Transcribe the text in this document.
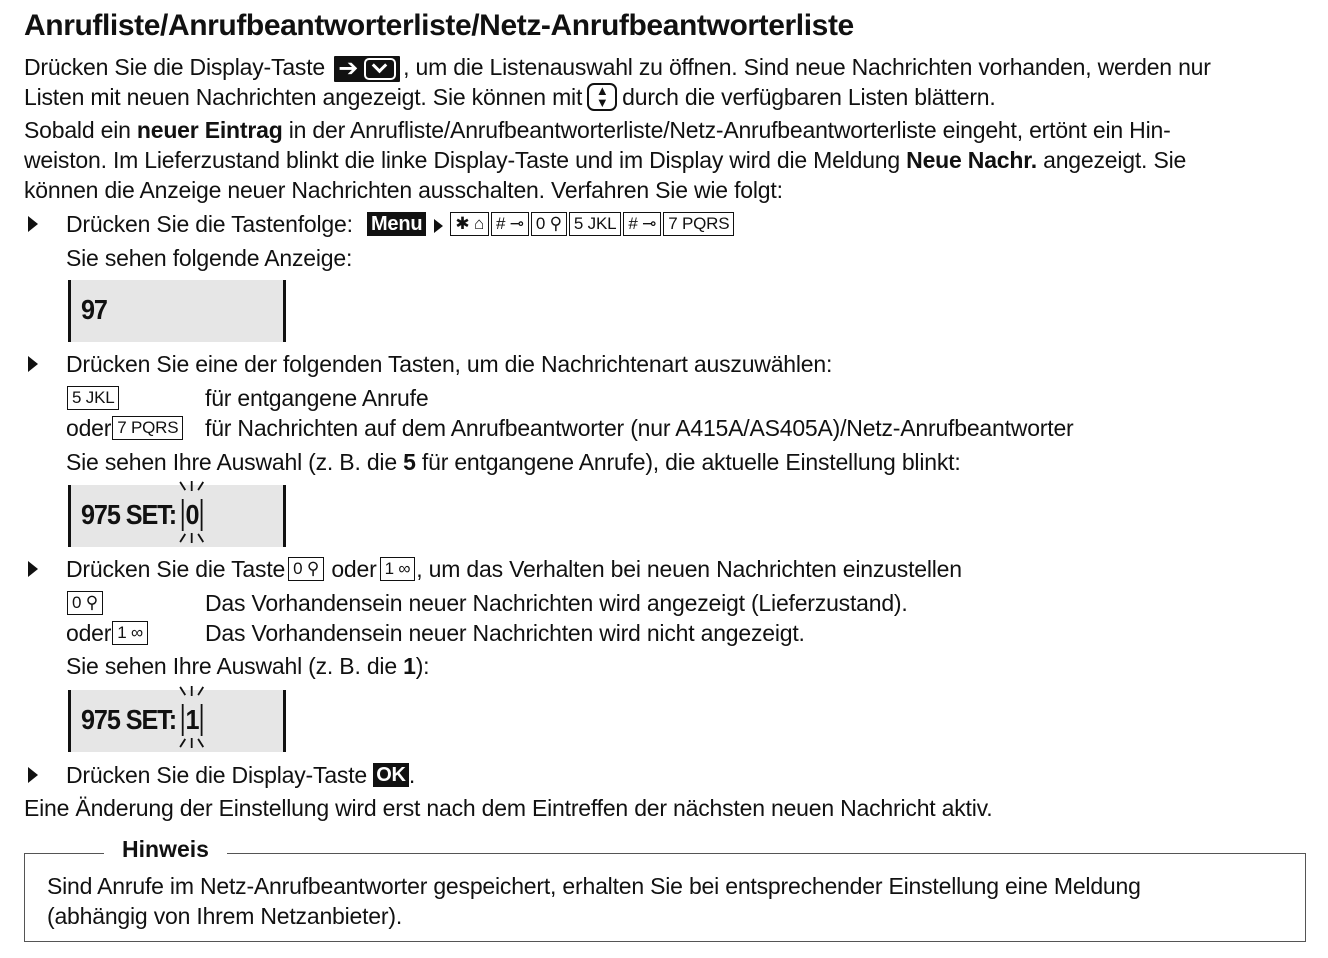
Anrufliste/Anrufbeantworterliste/Netz-Anrufbeantworterliste
Drücken Sie die Display-Taste ➔ , um die Listenauswahl zu öffnen. Sind neue Nachrichten vorhanden, werden nur
Listen mit neuen Nachrichten angezeigt. Sie können mit	▲
▼ durch die verfügbaren Listen blättern.
Sobald ein neuer Eintrag in der Anrufliste/Anrufbeantworterliste/Netz-Anrufbeantworterliste eingeht, ertönt ein Hin-
weiston. Im Lieferzustand blinkt die linke Display-Taste und im Display wird die Meldung Neue Nachr. angezeigt. Sie
können die Anzeige neuer Nachrichten ausschalten. Verfahren Sie wie folgt:
Drücken Sie die Tastenfolge: Menu ✱ ⌂ # ⊸ 0 ⚲ 5 JKL # ⊸ 7 PQRS
Sie sehen folgende Anzeige:
97
Drücken Sie eine der folgenden Tasten, um die Nachrichtenart auszuwählen:
5 JKL	für entgangene Anrufe
oder 7 PQRS für Nachrichten auf dem Anrufbeantworter (nur A415A/AS405A)/Netz-Anrufbeantworter
Sie sehen Ihre Auswahl (z. B. die 5 für entgangene Anrufe), die aktuelle Einstellung blinkt:
975 SET: 0
Drücken Sie die Taste 0 ⚲ oder 1 ∞ , um das Verhalten bei neuen Nachrichten einzustellen
0 ⚲	Das Vorhandensein neuer Nachrichten wird angezeigt (Lieferzustand).
oder 1 ∞	Das Vorhandensein neuer Nachrichten wird nicht angezeigt.
Sie sehen Ihre Auswahl (z. B. die 1):
975 SET: 1
Drücken Sie die Display-Taste OK .
Eine Änderung der Einstellung wird erst nach dem Eintreffen der nächsten neuen Nachricht aktiv.
Hinweis
Sind Anrufe im Netz-Anrufbeantworter gespeichert, erhalten Sie bei entsprechender Einstellung eine Meldung
(abhängig von Ihrem Netzanbieter).
